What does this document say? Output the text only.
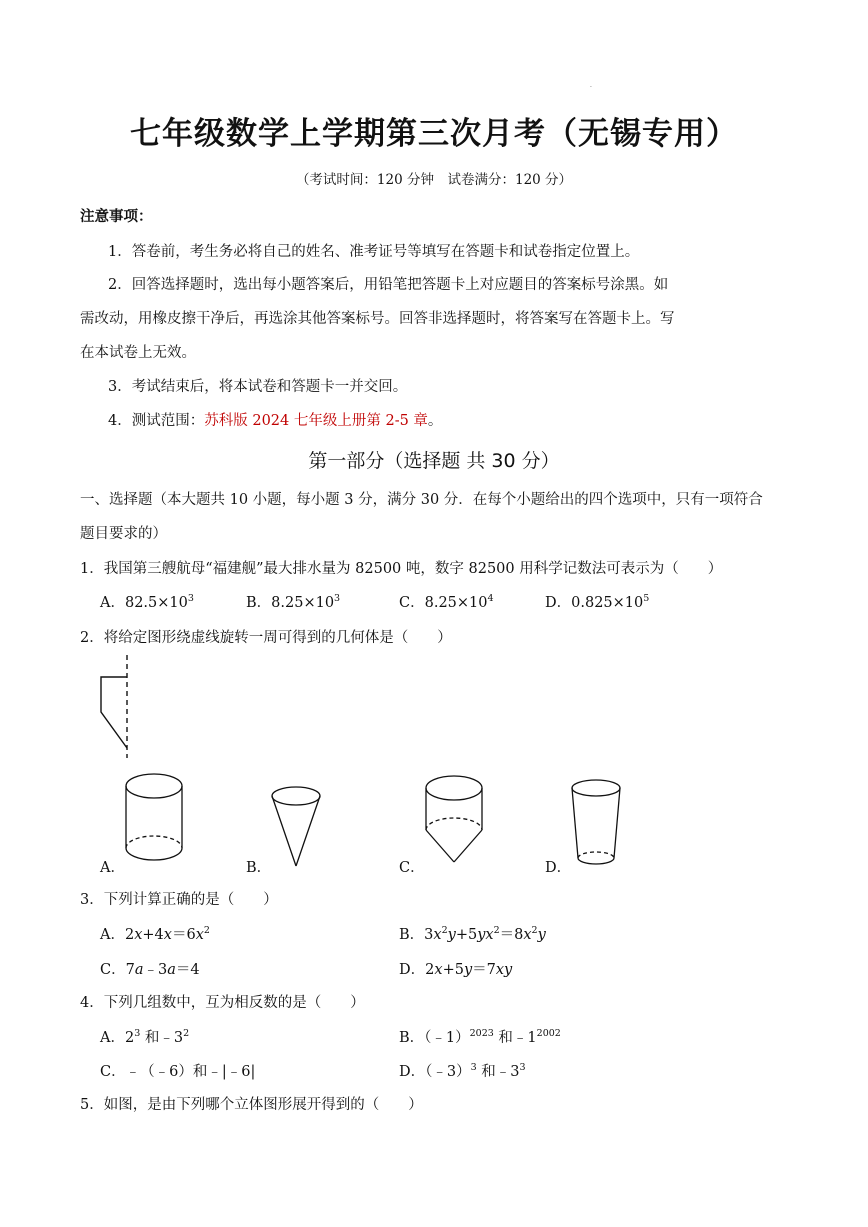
·
七年级数学上学期第三次月考（无锡专用）
（考试时间：120 分钟　试卷满分：120 分）
注意事项：
1．答卷前，考生务必将自己的姓名、准考证号等填写在答题卡和试卷指定位置上。
2．回答选择题时，选出每小题答案后，用铅笔把答题卡上对应题目的答案标号涂黑。如
需改动，用橡皮擦干净后，再选涂其他答案标号。回答非选择题时，将答案写在答题卡上。写
在本试卷上无效。
3．考试结束后，将本试卷和答题卡一并交回。
4．测试范围：苏科版 2024 七年级上册第 2-5 章。
第一部分（选择题 共 30 分）
一、选择题（本大题共 10 小题，每小题 3 分，满分 30 分．在每个小题给出的四个选项中，只有一项符合
题目要求的）
1．我国第三艘航母“福建舰”最大排水量为 82500 吨，数字 82500 用科学记数法可表示为（　　）
A．$82.5\times 10^3$	B．$8.25\times 10^3$	C．$8.25\times 10^4$	D．$0.825\times 10^5$
2．将给定图形绕虚线旋转一周可得到的几何体是（　　）
A．	B．	C．	D．
3．下列计算正确的是（　　）
A．$2x+4x=6x^2$	B．$3x^2y+5yx^2=8x^2y$
C．7a﹣3a＝4	D．2x+5y＝7xy
4．下列几组数中，互为相反数的是（　　）
A．$2^3$ 和$﹣3^2$	B．（﹣1）$^{2023}$ 和$﹣1^{2002}$
C．﹣（﹣6）和﹣|﹣6|	D．（﹣3）$^3$ 和$﹣3^3$
5．如图，是由下列哪个立体图形展开得到的（　　）
